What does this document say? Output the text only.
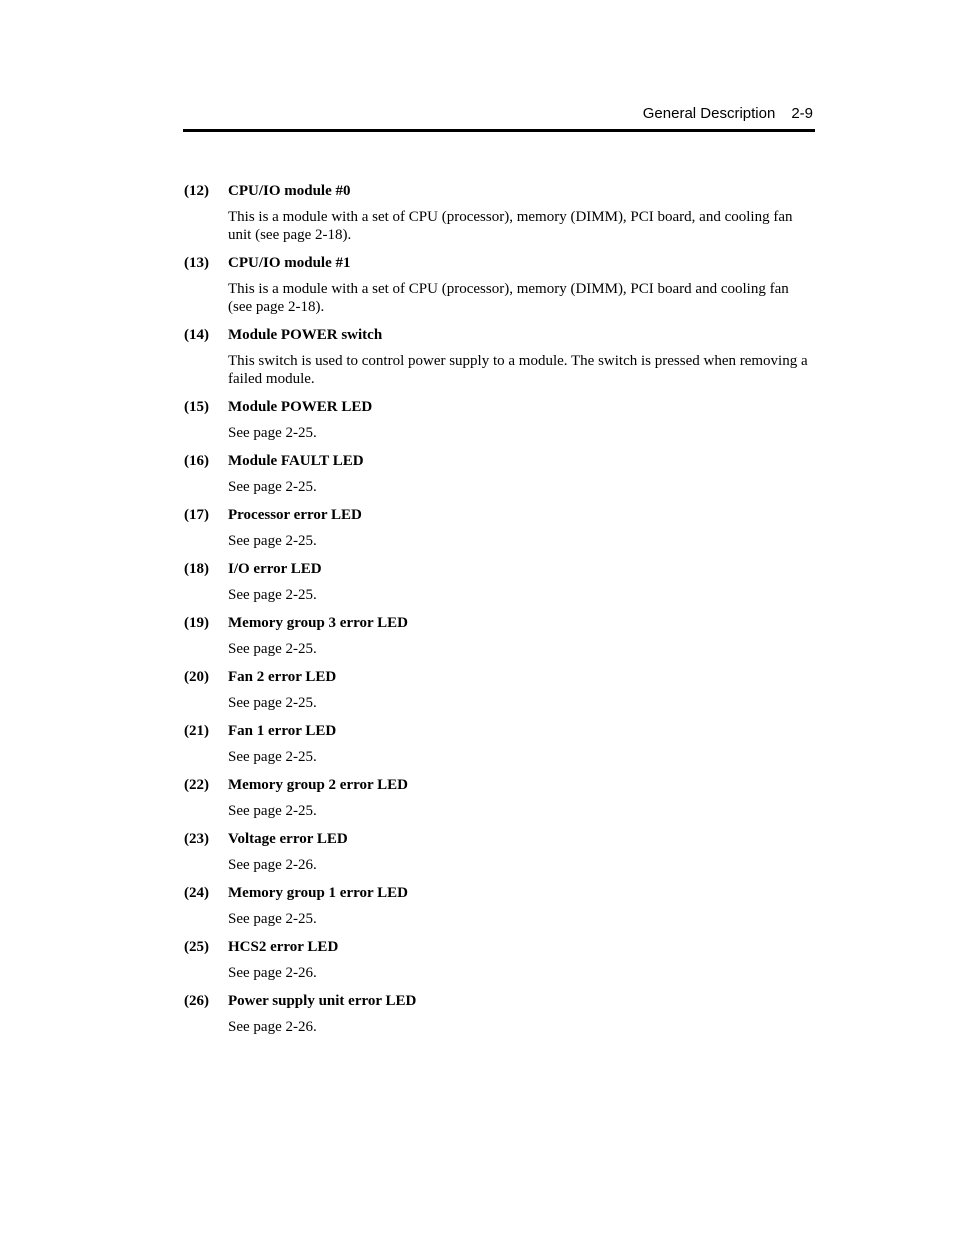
General Description 2-9
(12) CPU/IO module #0
This is a module with a set of CPU (processor), memory (DIMM), PCI board, and cooling fan unit (see page 2-18).
(13) CPU/IO module #1
This is a module with a set of CPU (processor), memory (DIMM), PCI board and cooling fan (see page 2-18).
(14) Module POWER switch
This switch is used to control power supply to a module. The switch is pressed when removing a failed module.
(15) Module POWER LED
See page 2-25.
(16) Module FAULT LED
See page 2-25.
(17) Processor error LED
See page 2-25.
(18) I/O error LED
See page 2-25.
(19) Memory group 3 error LED
See page 2-25.
(20) Fan 2 error LED
See page 2-25.
(21) Fan 1 error LED
See page 2-25.
(22) Memory group 2 error LED
See page 2-25.
(23) Voltage error LED
See page 2-26.
(24) Memory group 1 error LED
See page 2-25.
(25) HCS2 error LED
See page 2-26.
(26) Power supply unit error LED
See page 2-26.
